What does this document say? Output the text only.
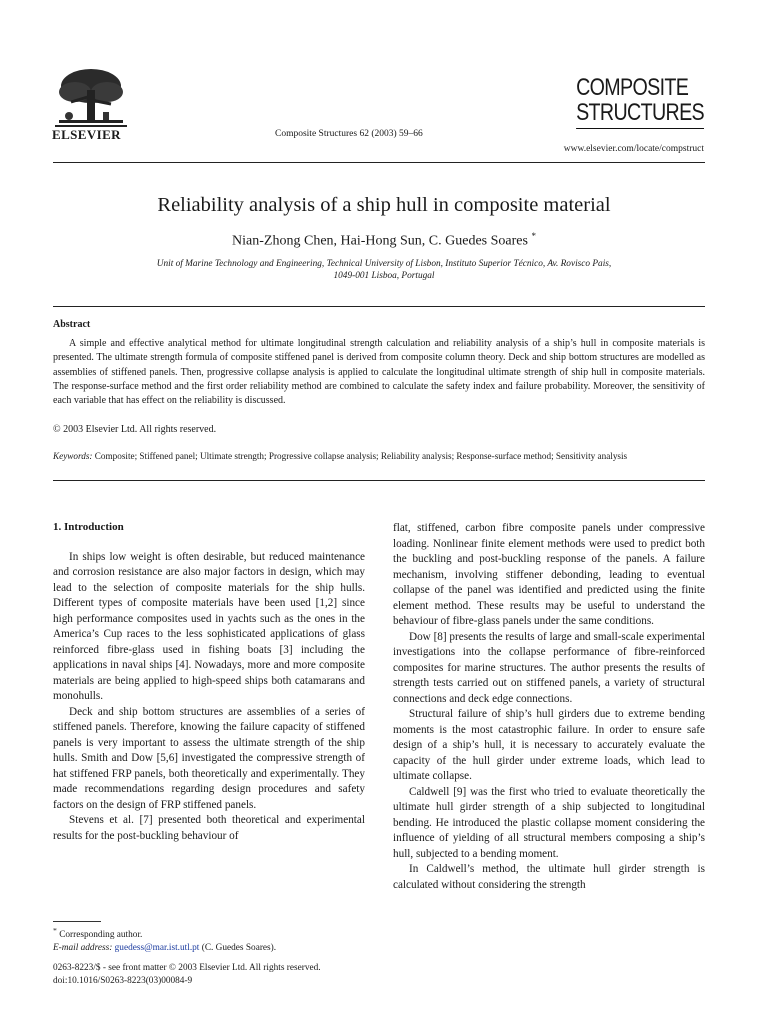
ELSEVIER	Composite Structures 62 (2003) 59–66
COMPOSITE
STRUCTURES
www.elsevier.com/locate/compstruct
Reliability analysis of a ship hull in composite material
Nian-Zhong Chen, Hai-Hong Sun, C. Guedes Soares *
Unit of Marine Technology and Engineering, Technical University of Lisbon, Instituto Superior Técnico, Av. Rovisco Pais,
1049-001 Lisboa, Portugal
Abstract
A simple and effective analytical method for ultimate longitudinal strength calculation and reliability analysis of a ship’s hull in composite materials is presented. The ultimate strength formula of composite stiffened panel is derived from composite column theory. Deck and ship bottom structures are modelled as assemblies of stiffened panels. Then, progressive collapse analysis is applied to calculate the longitudinal ultimate strength of ship hull in composite materials. The response-surface method and the first order reliability method are combined to calculate the safety index and failure probability. Moreover, the sensitivity of each variable that has effect on the reliability is discussed.
© 2003 Elsevier Ltd. All rights reserved.
Keywords: Composite; Stiffened panel; Ultimate strength; Progressive collapse analysis; Reliability analysis; Response-surface method; Sensitivity analysis
1. Introduction

In ships low weight is often desirable, but reduced maintenance and corrosion resistance are also major factors in design, which may lead to the selection of composite materials for the ship hulls. Different types of composite materials have been used [1,2] since high performance composites used in yachts such as the ones in the America’s Cup races to the less sophisticated applications of glass reinforced fibre-glass used in fishing boats [3] including the applications in naval ships [4]. Nowadays, more and more composite materials are being applied to high-speed ships both catamarans and monohulls.

Deck and ship bottom structures are assemblies of a series of stiffened panels. Therefore, knowing the failure capacity of stiffened panels is very important to assess the ultimate strength of the ship hulls. Smith and Dow [5,6] investigated the compressive strength of hat stiffened FRP panels, both theoretically and experimentally. They made recommendations regarding design procedures and safety factors on the design of FRP stiffened panels.

Stevens et al. [7] presented both theoretical and experimental results for the post-buckling behaviour of

flat, stiffened, carbon fibre composite panels under compressive loading. Nonlinear finite element methods were used to predict both the buckling and post-buckling response of the panels. A failure mechanism, involving stiffener debonding, leading to eventual collapse of the panel was identified and predicted using the finite element method. These results may be useful to understand the behaviour of fibre-glass panels under the same conditions.

Dow [8] presents the results of large and small-scale experimental investigations into the collapse performance of fibre-reinforced composites for marine structures. The author presents the results of strength tests carried out on stiffened panels, a variety of structural connections and deck edge connections.

Structural failure of ship’s hull girders due to extreme bending moments is the most catastrophic failure. In order to ensure safe design of a ship’s hull, it is necessary to accurately evaluate the capacity of the hull girder under extreme loads, which lead to ultimate collapse.

Caldwell [9] was the first who tried to evaluate theoretically the ultimate hull girder strength of a ship subjected to longitudinal bending. He introduced the plastic collapse moment considering the influence of yielding of all structural members composing a ship’s hull, subjected to a bending moment.

In Caldwell’s method, the ultimate hull girder strength is calculated without considering the strength

* Corresponding author.
E-mail address: guedess@mar.ist.utl.pt (C. Guedes Soares).
0263-8223/$ - see front matter © 2003 Elsevier Ltd. All rights reserved.
doi:10.1016/S0263-8223(03)00084-9
